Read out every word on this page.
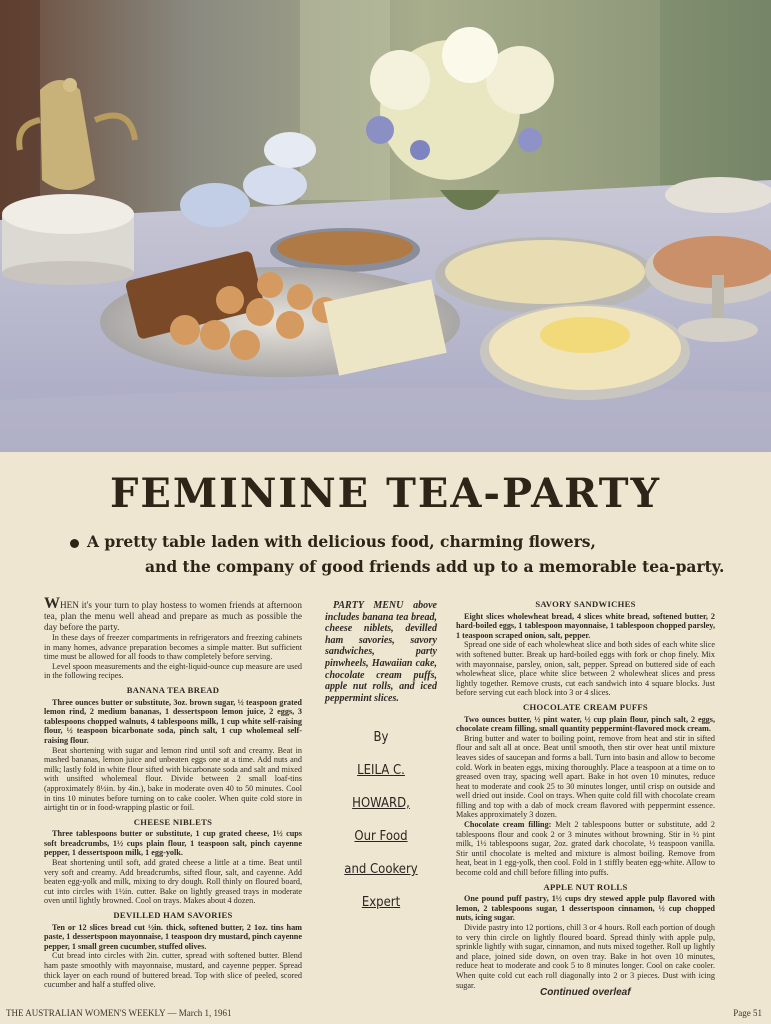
FEMININE TEA-PARTY
A pretty table laden with delicious food, charming flowers,
and the company of good friends add up to a memorable tea-party.

WHEN it's your turn to play hostess to women friends at afternoon tea, plan the menu well ahead and prepare as much as possible the day before the party.

In these days of freezer compartments in refrigerators and freezing cabinets in many homes, advance preparation becomes a simple matter. But sufficient time must be allowed for all foods to thaw completely before serving.

Level spoon measurements and the eight-liquid-ounce cup measure are used in the following recipes.

BANANA TEA BREAD

Three ounces butter or substitute, 3oz. brown sugar, ½ teaspoon grated lemon rind, 2 medium bananas, 1 dessertspoon lemon juice, 2 eggs, 3 tablespoons chopped walnuts, 4 tablespoons milk, 1 cup white self-raising flour, ½ teaspoon bicarbonate soda, pinch salt, 1 cup wholemeal self-raising flour.

Beat shortening with sugar and lemon rind until soft and creamy. Beat in mashed bananas, lemon juice and unbeaten eggs one at a time. Add nuts and milk; lastly fold in white flour sifted with bicarbonate soda and salt and mixed with unsifted wholemeal flour. Divide between 2 small loaf-tins (approximately 8½in. by 4in.), bake in moderate oven 40 to 50 minutes. Cool in tins 10 minutes before turning on to cake cooler. When quite cold store in airtight tin or in food-wrapping plastic or foil.

CHEESE NIBLETS

Three tablespoons butter or substitute, 1 cup grated cheese, 1½ cups soft breadcrumbs, 1½ cups plain flour, 1 teaspoon salt, pinch cayenne pepper, 1 dessertspoon milk, 1 egg-yolk.

Beat shortening until soft, add grated cheese a little at a time. Beat until very soft and creamy. Add breadcrumbs, sifted flour, salt, and cayenne. Add beaten egg-yolk and milk, mixing to dry dough. Roll thinly on floured board, cut into circles with 1½in. cutter. Bake on lightly greased trays in moderate oven until lightly browned. Cool on trays. Makes about 4 dozen.

DEVILLED HAM SAVORIES

Ten or 12 slices bread cut ½in. thick, softened butter, 2 1oz. tins ham paste, 1 dessertspoon mayonnaise, 1 teaspoon dry mustard, pinch cayenne pepper, 1 small green cucumber, stuffed olives.

Cut bread into circles with 2in. cutter, spread with softened butter. Blend ham paste smoothly with mayonnaise, mustard, and cayenne pepper. Spread thick layer on each round of buttered bread. Top with slice of peeled, scored cucumber and half a stuffed olive.

PARTY MENU above includes banana tea bread, cheese niblets, devilled ham savories, savory sandwiches, party pinwheels, Hawaiian cake, chocolate cream puffs, apple nut rolls, and iced peppermint slices.

By
LEILA C.
HOWARD,
Our Food
and Cookery
Expert
SAVORY SANDWICHES

Eight slices wholewheat bread, 4 slices white bread, softened butter, 2 hard-boiled eggs, 1 tablespoon mayonnaise, 1 tablespoon chopped parsley, 1 teaspoon scraped onion, salt, pepper.

Spread one side of each wholewheat slice and both sides of each white slice with softened butter. Break up hard-boiled eggs with fork or chop finely. Mix with mayonnaise, parsley, onion, salt, pepper. Spread on buttered side of each wholewheat slice, place white slice between 2 wholewheat slices and press lightly together. Remove crusts, cut each sandwich into 4 square blocks. Just before serving cut each block into 3 or 4 slices.

CHOCOLATE CREAM PUFFS

Two ounces butter, ½ pint water, ½ cup plain flour, pinch salt, 2 eggs, chocolate cream filling, small quantity peppermint-flavored mock cream.

Bring butter and water to boiling point, remove from heat and stir in sifted flour and salt all at once. Beat until smooth, then stir over heat until mixture leaves sides of saucepan and forms a ball. Turn into basin and allow to become cold. Work in beaten eggs, mixing thoroughly. Place a teaspoon at a time on to greased oven tray, spacing well apart. Bake in hot oven 10 minutes, reduce heat to moderate and cook 25 to 30 minutes longer, until crisp on outside and well dried out inside. Cool on trays. When quite cold fill with chocolate cream filling and top with a dab of mock cream flavored with peppermint essence. Makes approximately 3 dozen.

Chocolate cream filling: Melt 2 tablespoons butter or substitute, add 2 tablespoons flour and cook 2 or 3 minutes without browning. Stir in ½ pint milk, 1½ tablespoons sugar, 2oz. grated dark chocolate, ½ teaspoon vanilla. Stir until chocolate is melted and mixture is almost boiling. Remove from heat, beat in 1 egg-yolk, then cool. Fold in 1 stiffly beaten egg-white. Allow to become cold and chill before filling into puffs.

APPLE NUT ROLLS

One pound puff pastry, 1½ cups dry stewed apple pulp flavored with lemon, 2 tablespoons sugar, 1 dessertspoon cinnamon, ½ cup chopped nuts, icing sugar.

Divide pastry into 12 portions, chill 3 or 4 hours. Roll each portion of dough to very thin circle on lightly floured board. Spread thinly with apple pulp, sprinkle lightly with sugar, cinnamon, and nuts mixed together. Roll up lightly and place, joined side down, on oven tray. Bake in hot oven 10 minutes, reduce heat to moderate and cook 5 to 8 minutes longer. Cool on cake cooler. When quite cold cut each roll diagonally into 2 or 3 pieces. Dust with icing sugar.

Continued overleaf
THE AUSTRALIAN WOMEN'S WEEKLY — March 1, 1961	Page 51
